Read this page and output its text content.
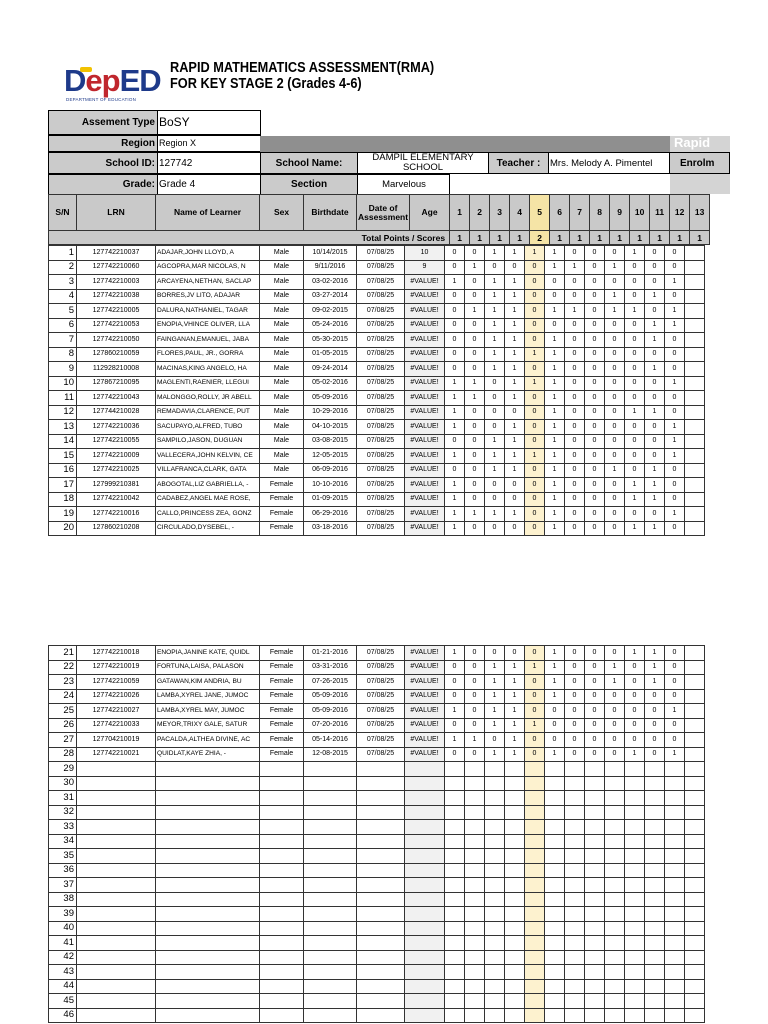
DepED
DEPARTMENT OF EDUCATION
RAPID MATHEMATICS ASSESSMENT(RMA)
FOR KEY STAGE 2 (Grades 4-6)
Assement Type BoSY
Region Region X	Rapid
School ID: 127742	School Name:	DAMPIL ELEMENTARY SCHOOL	Teacher :	Mrs. Melody A. Pimentel	Enrolm
Grade: Grade 4	Section	Marvelous
S/N	LRN	Name of Learner	Sex	Birthdate	Date of Assessment	Age	1	2	3	4	5	6	7	8	9	10	11	12	13
Total Points / Scores							1	1	1	1	2	1	1	1	1	1	1	1	1
1	127742210037	ADAJAR,JOHN LLOYD, A	Male	10/14/2015	07/08/25	10	0	0	1	1	1	1	0	0	0	1	0	0	
2	127742210060	AGCOPRA,MAR NICOLAS, N	Male	9/11/2016	07/08/25	9	0	1	0	0	0	1	1	0	1	0	0	0	
3	127742210003	ARCAYENA,NETHAN, SACLAP	Male	03-02-2016	07/08/25	#VALUE!	1	0	1	1	0	0	0	0	0	0	0	1	
4	127742210038	BORRES,JV LITO, ADAJAR	Male	03-27-2014	07/08/25	#VALUE!	0	0	1	1	0	0	0	0	1	0	1	0	
5	127742210005	DALURA,NATHANIEL, TAGAR	Male	09-02-2015	07/08/25	#VALUE!	0	1	1	1	0	1	1	0	1	1	0	1	
6	127742210053	ENOPIA,VHINCE OLIVER, LLA	Male	05-24-2016	07/08/25	#VALUE!	0	0	1	1	0	0	0	0	0	0	1	1	
7	127742210050	FAINGANAN,EMANUEL, JABA	Male	05-30-2015	07/08/25	#VALUE!	0	0	1	1	0	1	0	0	0	0	1	0	
8	127860210059	FLORES,PAUL, JR., GORRA	Male	01-05-2015	07/08/25	#VALUE!	0	0	1	1	1	1	0	0	0	0	0	0	
9	112928210008	MACINAS,KING ANGELO, HA	Male	09-24-2014	07/08/25	#VALUE!	0	0	1	1	0	1	0	0	0	0	1	0	
10	127867210095	MAGLENTI,RAENIER, LLEGUI	Male	05-02-2016	07/08/25	#VALUE!	1	1	0	1	1	1	0	0	0	0	0	1	
11	127742210043	MALONGGO,ROLLY, JR ABELL	Male	05-09-2016	07/08/25	#VALUE!	1	1	0	1	0	1	0	0	0	0	0	0	
12	127744210028	REMADAVIA,CLARENCE, PUT	Male	10-29-2016	07/08/25	#VALUE!	1	0	0	0	0	1	0	0	0	1	1	0	
13	127742210036	SACUPAYO,ALFRED, TUBO	Male	04-10-2015	07/08/25	#VALUE!	1	0	0	1	0	1	0	0	0	0	0	1	
14	127742210055	SAMPILO,JASON, DUGUAN	Male	03-08-2015	07/08/25	#VALUE!	0	0	1	1	0	1	0	0	0	0	0	1	
15	127742210009	VALLECERA,JOHN KELVIN, CE	Male	12-05-2015	07/08/25	#VALUE!	1	0	1	1	1	1	0	0	0	0	0	1	
16	127742210025	VILLAFRANCA,CLARK, GATA	Male	06-09-2016	07/08/25	#VALUE!	0	0	1	1	0	1	0	0	1	0	1	0	
17	127999210381	ABOGOTAL,LIZ GABRIELLA, -	Female	10-10-2016	07/08/25	#VALUE!	1	0	0	0	0	1	0	0	0	1	1	0	
18	127742210042	CADABEZ,ANGEL MAE ROSE,	Female	01-09-2015	07/08/25	#VALUE!	1	0	0	0	0	1	0	0	0	1	1	0	
19	127742210016	CALLO,PRINCESS ZEA, GONZ	Female	06-29-2016	07/08/25	#VALUE!	1	1	1	1	0	1	0	0	0	0	0	1	
20	127860210208	CIRCULADO,DYSEBEL, -	Female	03-18-2016	07/08/25	#VALUE!	1	0	0	0	0	1	0	0	0	1	1	0	
21	127742210018	ENOPIA,JANINE KATE, QUIDL	Female	01-21-2016	07/08/25	#VALUE!	1	0	0	0	0	1	0	0	0	1	1	0	
22	127742210019	FORTUNA,LAISA, PALASON	Female	03-31-2016	07/08/25	#VALUE!	0	0	1	1	1	1	0	0	1	0	1	0	
23	127742210059	GATAWAN,KIM ANDRIA, BU	Female	07-26-2015	07/08/25	#VALUE!	0	0	1	1	0	1	0	0	1	0	1	0	
24	127742210026	LAMBA,XYREL JANE, JUMOC	Female	05-09-2016	07/08/25	#VALUE!	0	0	1	1	0	1	0	0	0	0	0	0	
25	127742210027	LAMBA,XYREL MAY, JUMOC	Female	05-09-2016	07/08/25	#VALUE!	1	0	1	1	0	0	0	0	0	0	0	1	
26	127742210033	MEYOR,TRIXY GALE, SATUR	Female	07-20-2016	07/08/25	#VALUE!	0	0	1	1	1	0	0	0	0	0	0	0	
27	127704210019	PACALDA,ALTHEA DIVINE, AC	Female	05-14-2016	07/08/25	#VALUE!	1	1	0	1	0	0	0	0	0	0	0	0	
28	127742210021	QUIDLAT,KAYE ZHIA, -	Female	12-08-2015	07/08/25	#VALUE!	0	0	1	1	0	1	0	0	0	1	0	1	
29																			
30																			
31																			
32																			
33																			
34																			
35																			
36																			
37																			
38																			
39																			
40																			
41																			
42																			
43																			
44																			
45																			
46																			
